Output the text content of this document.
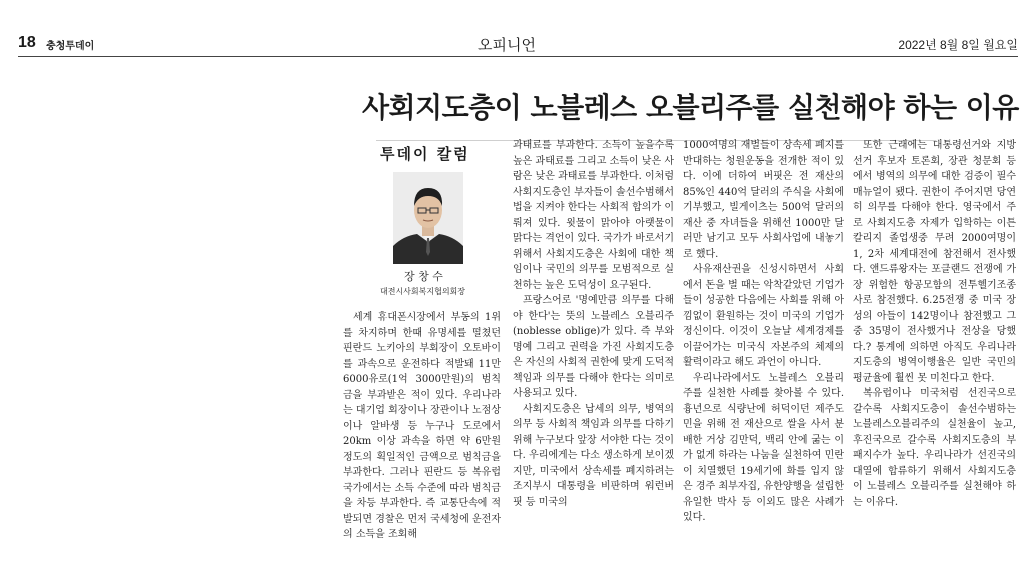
18 충청투데이	오피니언	2022년 8월 8일 월요일
사회지도층이 노블레스 오블리주를 실천해야 하는 이유
투데이 칼럼
장 창 수
대전시사회복지협의회장

세계 휴대폰시장에서 부동의 1위를 차지하며 한때 유명세를 떨쳤던 핀란드 노키아의 부회장이 오토바이를 과속으로 운전하다 적발돼 11만 6000유로(1억 3000만원)의 범칙금을 부과받은 적이 있다. 우리나라는 대기업 회장이나 장관이나 노점상이나 알바생 등 누구나 도로에서 20km 이상 과속을 하면 약 6만원 정도의 획일적인 금액으로 범칙금을 부과한다. 그러나 핀란드 등 복유럽국가에서는 소득 수준에 따라 범칙금을 차등 부과한다. 즉 교통단속에 적발되면 경찰은 먼저 국세청에 운전자의 소득을 조회해

과태료를 부과한다. 소득이 높을수록 높은 과태료를 그리고 소득이 낮은 사람은 낮은 과태료를 부과한다. 이처럼 사회지도층인 부자들이 솔선수범해서 법을 지켜야 한다는 사회적 합의가 이뤄져 있다. 윗물이 맑아야 아랫물이 맑다는 격언이 있다. 국가가 바로서기 위해서 사회지도층은 사회에 대한 책임이나 국민의 의무를 모범적으로 실천하는 높은 도덕성이 요구된다.

프랑스어로 '명예만큼 의무를 다해야 한다'는 뜻의 노블레스 오블리주(noblesse oblige)가 있다. 즉 부와 명예 그리고 권력을 가진 사회지도층은 자신의 사회적 권한에 맞게 도덕적 책임과 의무를 다해야 한다는 의미로 사용되고 있다.

사회지도층은 납세의 의무, 병역의 의무 등 사회적 책임과 의무를 다하기 위해 누구보다 앞장 서야한 다는 것이다. 우리에게는 다소 생소하게 보이겠지만, 미국에서 상속세를 폐지하려는 조지부시 대통령을 비판하며 워런버핏 등 미국의

1000여명의 재벌들이 상속세 폐지를 반대하는 청원운동을 전개한 적이 있다. 이에 더하여 버핏은 전 재산의 85%인 440억 달러의 주식을 사회에 기부했고, 빌게이츠는 500억 달러의 재산 중 자녀들을 위해선 1000만 달러만 남기고 모두 사회사업에 내놓기로 했다.

사유재산권을 신성시하면서 사회에서 돈을 벌 때는 악착같았던 기업가들이 성공한 다음에는 사회를 위해 아낌없이 환원하는 것이 미국의 기업가 정신이다. 이것이 오늘날 세계경제를 이끌어가는 미국식 자본주의 체제의 활력이라고 해도 과언이 아니다.

우리나라에서도 노블레스 오블리주를 실천한 사례를 찾아볼 수 있다. 흉년으로 식량난에 허덕이던 제주도민을 위해 전 재산으로 쌀을 사서 분배한 거상 김만덕, 백리 안에 굶는 이가 없게 하라는 나눔을 실천하여 민란이 치열했던 19세기에 화를 입지 않은 경주 최부자집, 유한양행을 설립한 유일한 박사 등 이외도 많은 사례가 있다.

또한 근래에는 대통령선거와 지방선거 후보자 토론회, 장관 청문회 등에서 병역의 의무에 대한 검증이 필수 매뉴얼이 됐다. 권한이 주어지면 당연히 의무를 다해야 한다. 영국에서 주로 사회지도층 자제가 입학하는 이튼 칼리지 졸업생중 무려 2000여명이 1, 2차 세계대전에 참전해서 전사했다. 앤드류왕자는 포클랜드 전쟁에 가장 위험한 항공모함의 전투헬기조종사로 참전했다. 6.25전쟁 중 미국 장성의 아들이 142명이나 참전했고 그중 35명이 전사했거나 전상을 당했다.? 통계에 의하면 아직도 우리나라 지도층의 병역이행율은 일반 국민의 평균율에 훨씬 못 미친다고 한다.

복유럽이나 미국처럼 선진국으로 갈수록 사회지도층이 솔선수범하는 노블레스오블리주의 실천율이 높고, 후진국으로 갈수록 사회지도층의 부패지수가 높다. 우리나라가 선진국의 대열에 합류하기 위해서 사회지도층이 노블레스 오블리주를 실천해야 하는 이유다.
